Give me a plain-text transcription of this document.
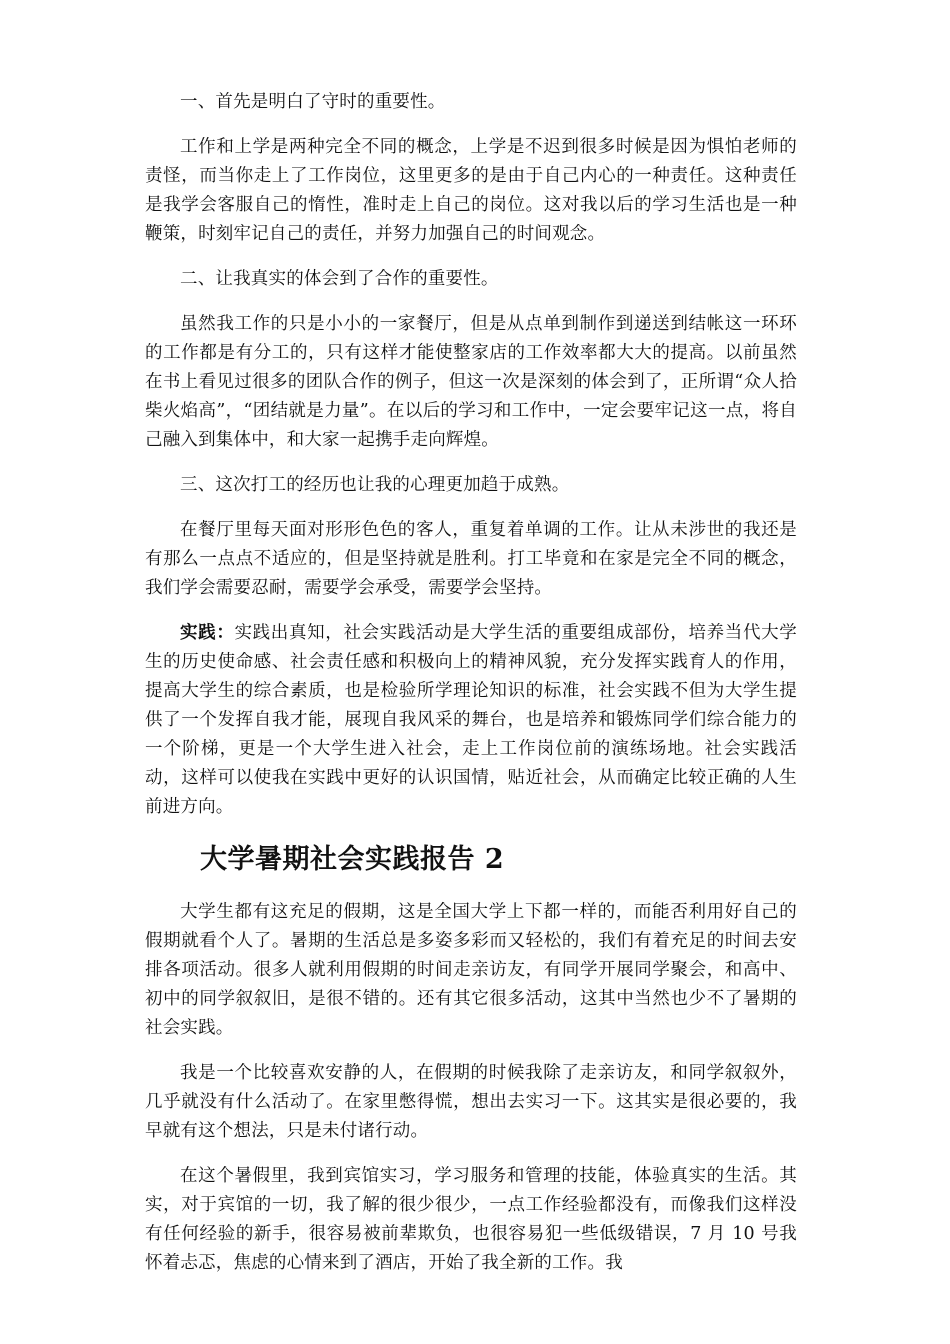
一、首先是明白了守时的重要性。

工作和上学是两种完全不同的概念，上学是不迟到很多时候是因为惧怕老师的责怪，而当你走上了工作岗位，这里更多的是由于自己内心的一种责任。这种责任是我学会客服自己的惰性，准时走上自己的岗位。这对我以后的学习生活也是一种鞭策，时刻牢记自己的责任，并努力加强自己的时间观念。

二、让我真实的体会到了合作的重要性。

虽然我工作的只是小小的一家餐厅，但是从点单到制作到递送到结帐这一环环的工作都是有分工的，只有这样才能使整家店的工作效率都大大的提高。以前虽然在书上看见过很多的团队合作的例子，但这一次是深刻的体会到了，正所谓“众人拾柴火焰高”，“团结就是力量”。在以后的学习和工作中，一定会要牢记这一点，将自己融入到集体中，和大家一起携手走向辉煌。

三、这次打工的经历也让我的心理更加趋于成熟。

在餐厅里每天面对形形色色的客人，重复着单调的工作。让从未涉世的我还是有那么一点点不适应的，但是坚持就是胜利。打工毕竟和在家是完全不同的概念，我们学会需要忍耐，需要学会承受，需要学会坚持。

实践：实践出真知，社会实践活动是大学生活的重要组成部份，培养当代大学生的历史使命感、社会责任感和积极向上的精神风貌，充分发挥实践育人的作用，提高大学生的综合素质，也是检验所学理论知识的标准，社会实践不但为大学生提供了一个发挥自我才能，展现自我风采的舞台，也是培养和锻炼同学们综合能力的一个阶梯，更是一个大学生进入社会，走上工作岗位前的演练场地。社会实践活动，这样可以使我在实践中更好的认识国情，贴近社会，从而确定比较正确的人生前进方向。

大学暑期社会实践报告 2

大学生都有这充足的假期，这是全国大学上下都一样的，而能否利用好自己的假期就看个人了。暑期的生活总是多姿多彩而又轻松的，我们有着充足的时间去安排各项活动。很多人就利用假期的时间走亲访友，有同学开展同学聚会，和高中、初中的同学叙叙旧，是很不错的。还有其它很多活动，这其中当然也少不了暑期的社会实践。

我是一个比较喜欢安静的人，在假期的时候我除了走亲访友，和同学叙叙外，几乎就没有什么活动了。在家里憋得慌，想出去实习一下。这其实是很必要的，我早就有这个想法，只是未付诸行动。

在这个暑假里，我到宾馆实习，学习服务和管理的技能，体验真实的生活。其实，对于宾馆的一切，我了解的很少很少，一点工作经验都没有，而像我们这样没有任何经验的新手，很容易被前辈欺负，也很容易犯一些低级错误，7 月 10 号我怀着忐忑，焦虑的心情来到了酒店，开始了我全新的工作。我
